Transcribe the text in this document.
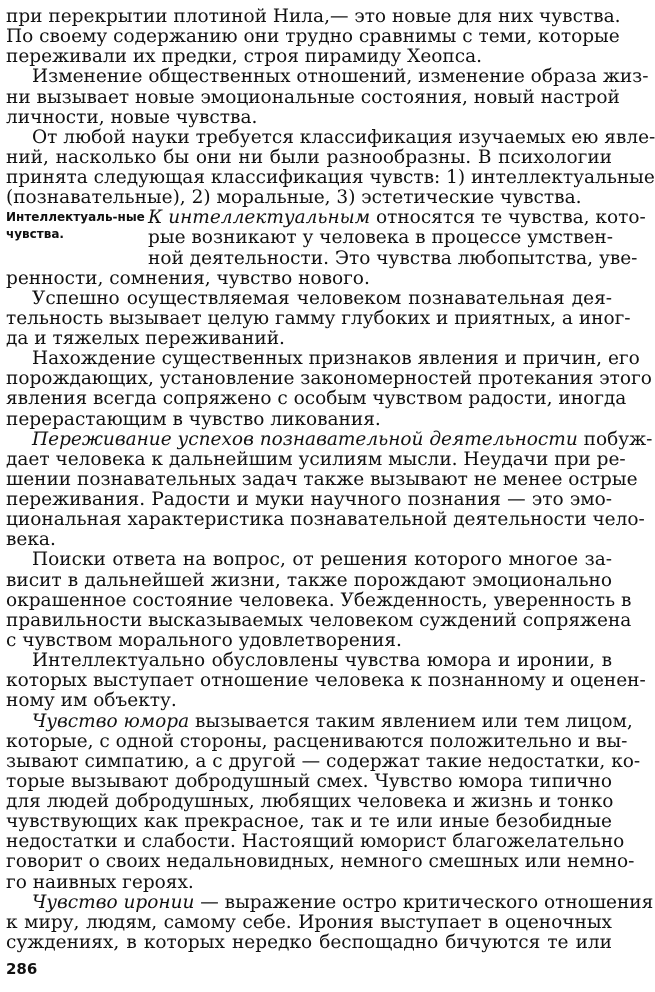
при перекрытии плотиной Нила,— это новые для них чувства.
По своему содержанию они трудно сравнимы с теми, которые
переживали их предки, строя пирамиду Хеопса.
Изменение общественных отношений, изменение образа жиз-
ни вызывает новые эмоциональные состояния, новый настрой
личности, новые чувства.
От любой науки требуется классификация изучаемых ею явле-
ний, насколько бы они ни были разнообразны. В психологии
принята следующая классификация чувств: 1) интеллектуальные
(познавательные), 2) моральные, 3) эстетические чувства.
Интеллектуаль-ные чувства.
К интеллектуальным относятся те чувства, кото-
рые возникают у человека в процессе умствен-
ной деятельности. Это чувства любопытства, уве-
ренности, сомнения, чувство нового.
Успешно осуществляемая человеком познавательная дея-
тельность вызывает целую гамму глубоких и приятных, а иног-
да и тяжелых переживаний.
Нахождение существенных признаков явления и причин, его
порождающих, установление закономерностей протекания этого
явления всегда сопряжено с особым чувством радости, иногда
перерастающим в чувство ликования.
Переживание успехов познавательной деятельности побуж-
дает человека к дальнейшим усилиям мысли. Неудачи при ре-
шении познавательных задач также вызывают не менее острые
переживания. Радости и муки научного познания — это эмо-
циональная характеристика познавательной деятельности чело-
века.
Поиски ответа на вопрос, от решения которого многое за-
висит в дальнейшей жизни, также порождают эмоционально
окрашенное состояние человека. Убежденность, уверенность в
правильности высказываемых человеком суждений сопряжена
с чувством морального удовлетворения.
Интеллектуально обусловлены чувства юмора и иронии, в
которых выступает отношение человека к познанному и оценен-
ному им объекту.
Чувство юмора вызывается таким явлением или тем лицом,
которые, с одной стороны, расцениваются положительно и вы-
зывают симпатию, а с другой — содержат такие недостатки, ко-
торые вызывают добродушный смех. Чувство юмора типично
для людей добродушных, любящих человека и жизнь и тонко
чувствующих как прекрасное, так и те или иные безобидные
недостатки и слабости. Настоящий юморист благожелательно
говорит о своих недальновидных, немного смешных или немно-
го наивных героях.
Чувство иронии — выражение остро критического отношения
к миру, людям, самому себе. Ирония выступает в оценочных
суждениях, в которых нередко беспощадно бичуются те или
286
